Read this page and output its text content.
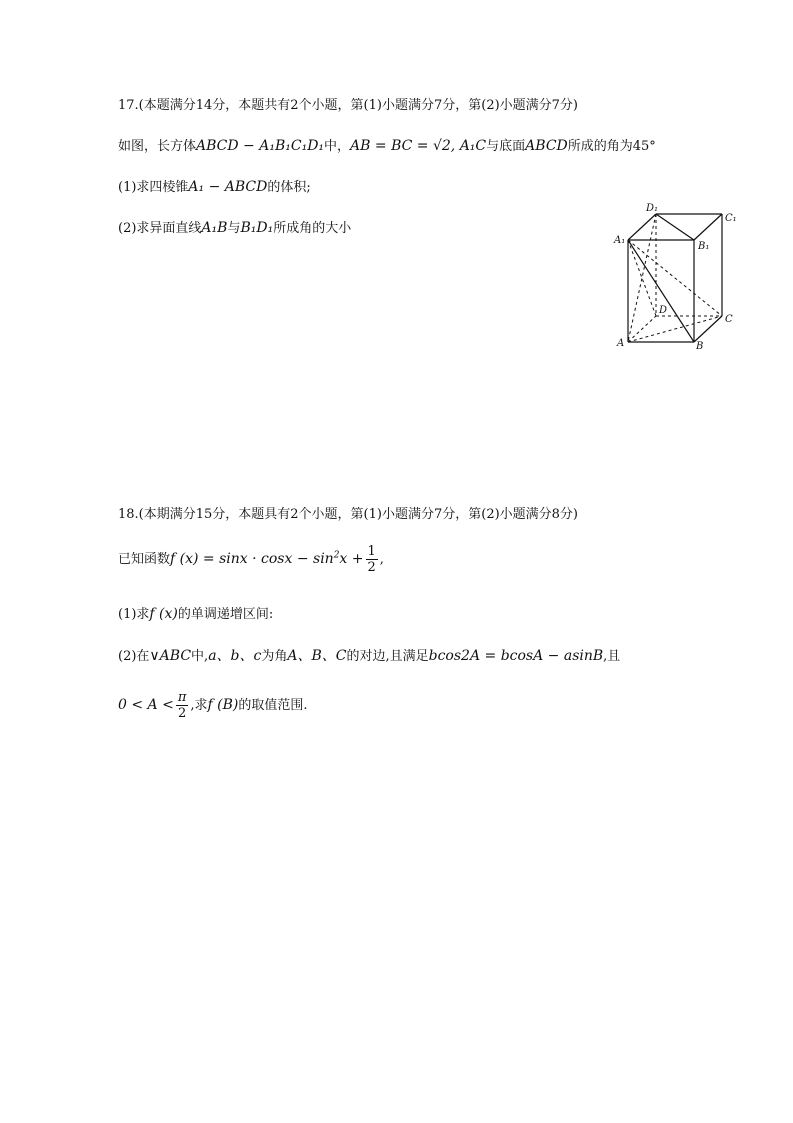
17.(本题满分14分，本题共有2个小题，第(1)小题满分7分，第(2)小题满分7分)
如图，长方体ABCD − A₁B₁C₁D₁中，AB = BC = √2, A₁C与底面ABCD所成的角为45°
(1)求四棱锥A₁ − ABCD的体积;
(2)求异面直线A₁B与B₁D₁所成角的大小
A₁
D₁
C₁
B₁
D
C
B
A
18.(本期满分15分，本题具有2个小题，第(1)小题满分7分，第(2)小题满分8分)
已知函数f $(x) = \sin x \cdot \cos x - \sin^2x + \frac{1}{2}$ ,
(1)求f (x)的单调递增区间:
(2)在∨ABC中,a、b、c为角A、B、C的对边,且满足bcos2A = bcosA − asinB,且
$0 < A < \frac{\pi}{2}$ ,求f (B)的取值范围.
